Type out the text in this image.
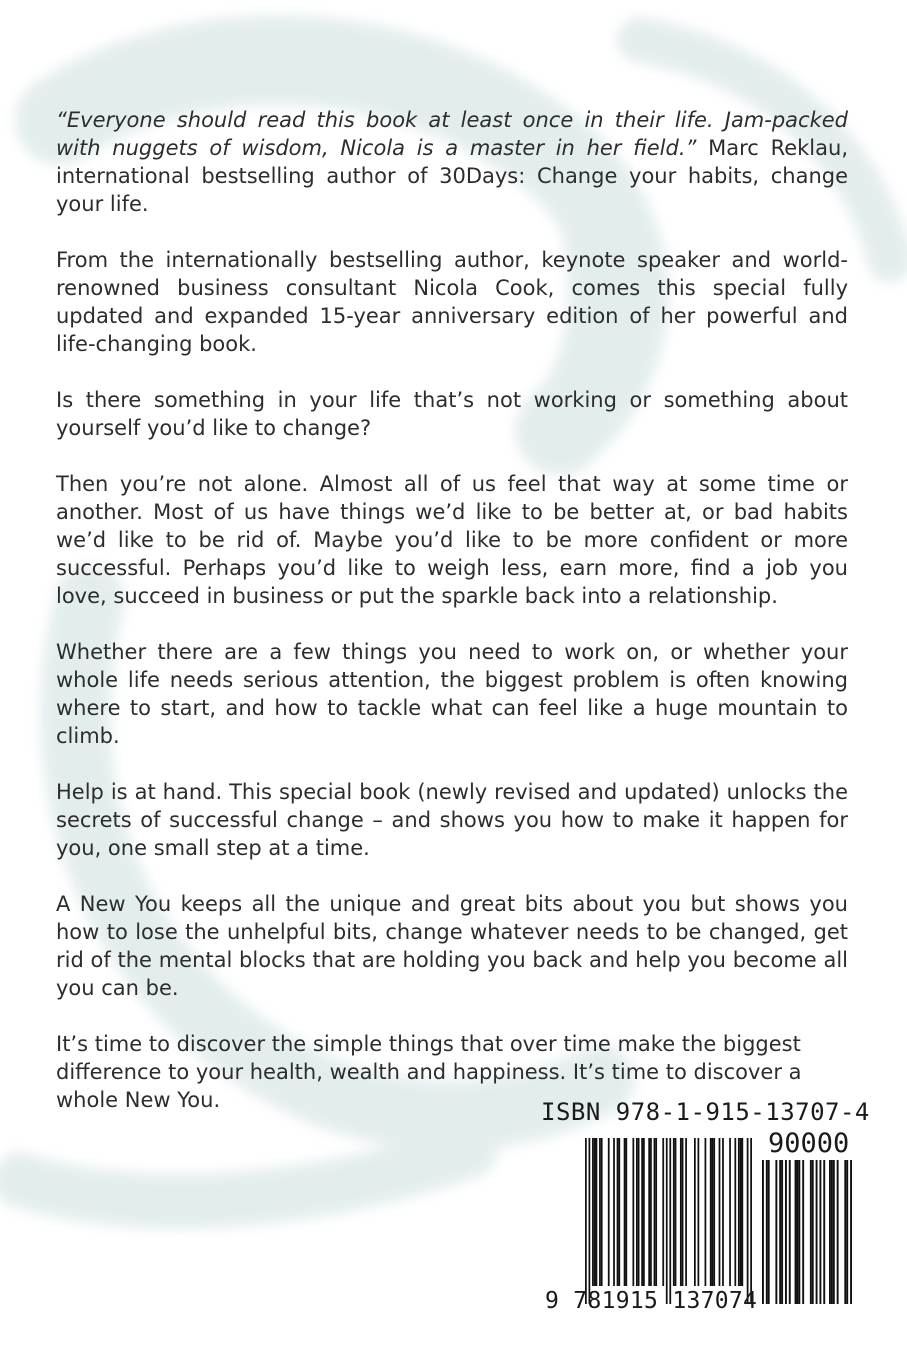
“Everyone should read this book at least once in their life. Jam-packed with nuggets of wisdom, Nicola is a master in her field.” Marc Reklau, international bestselling author of 30Days: Change your habits, change your life.

From the internationally bestselling author, keynote speaker and world-renowned business consultant Nicola Cook, comes this special fully updated and expanded 15-year anniversary edition of her powerful and life-changing book.

Is there something in your life that’s not working or something about yourself you’d like to change?

Then you’re not alone. Almost all of us feel that way at some time or another. Most of us have things we’d like to be better at, or bad habits we’d like to be rid of. Maybe you’d like to be more confident or more successful. Perhaps you’d like to weigh less, earn more, find a job you love, succeed in business or put the sparkle back into a relationship.

Whether there are a few things you need to work on, or whether your whole life needs serious attention, the biggest problem is often knowing where to start, and how to tackle what can feel like a huge mountain to climb.

Help is at hand. This special book (newly revised and updated) unlocks the secrets of successful change – and shows you how to make it happen for you, one small step at a time.

A New You keeps all the unique and great bits about you but shows you how to lose the unhelpful bits, change whatever needs to be changed, get rid of the mental blocks that are holding you back and help you become all you can be.

It’s time to discover the simple things that over time make the biggest difference to your health, wealth and happiness. It’s time to discover a whole New You.	ISBN 978-1-915-13707-4
90000
9 781915 137074
